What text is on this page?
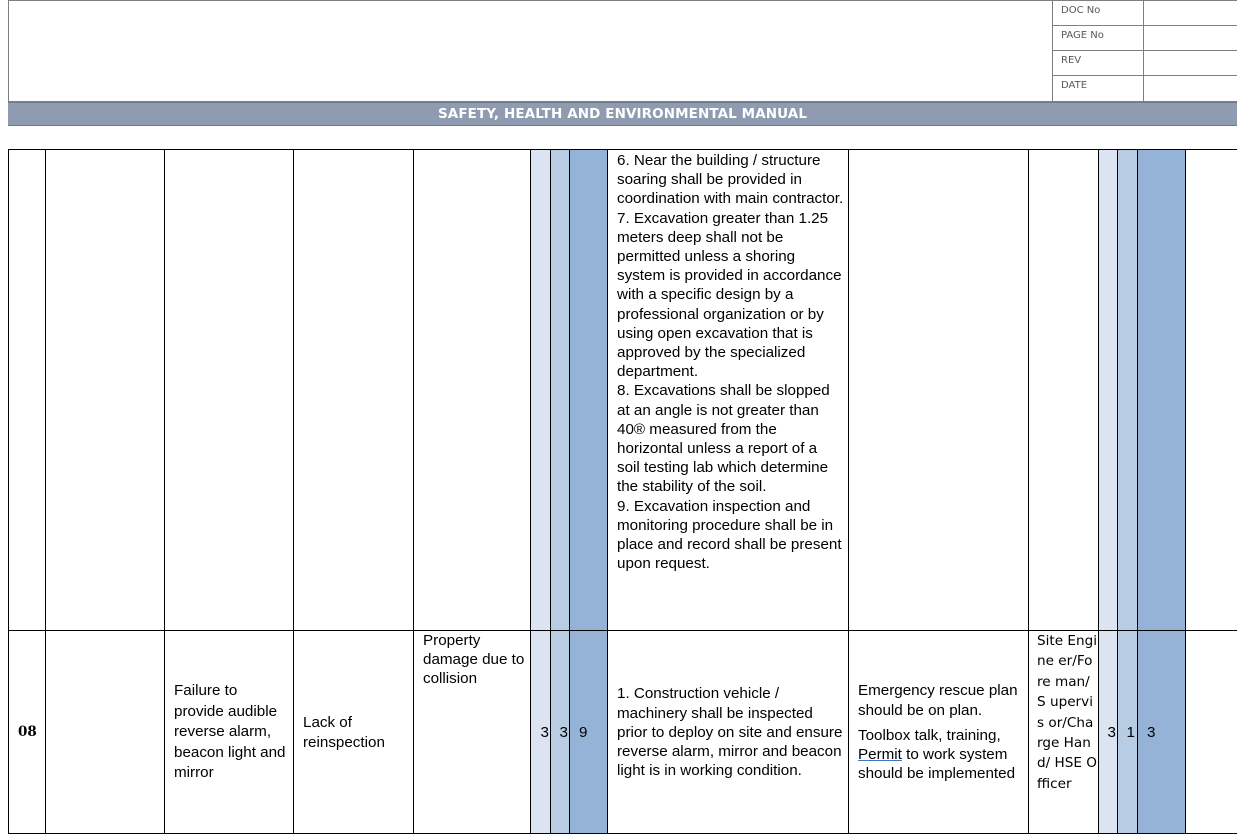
DOC No
PAGE No
REV
DATE
SAFETY, HEALTH AND ENVIRONMENTAL MANUAL
6. Near the building / structure soaring shall be provided in coordination with main contractor.
7. Excavation greater than 1.25 meters deep shall not be permitted unless a shoring system is provided in accordance with a specific design by a professional organization or by using open excavation that is approved by the specialized department.
8. Excavations shall be slopped at an angle is not greater than 40® measured from the horizontal unless a report of a soil testing lab which determine the stability of the soil.
9. Excavation inspection and monitoring procedure shall be in place and record shall be present upon request.
08
Failure to provide audible reverse alarm, beacon light and mirror
Lack of reinspection
Property damage due to collision
3 3 9
1. Construction vehicle / machinery shall be inspected prior to deploy on site and ensure reverse alarm, mirror and beacon light is in working condition.
Emergency rescue plan should be on plan.
Toolbox talk, training, Permit to work system should be implemented
Site Engine er/Fore man/S upervis or/Cha rge Hand/ HSE Officer
3 1 3
